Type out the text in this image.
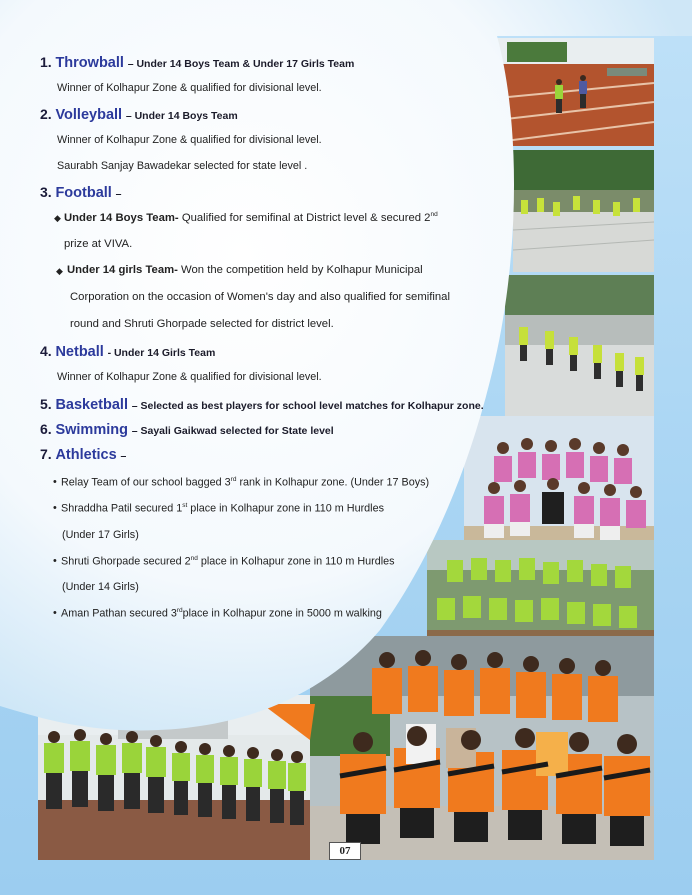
1. Throwball – Under 14 Boys Team & Under 17 Girls Team
Winner of Kolhapur Zone & qualified for divisional level.
2. Volleyball – Under 14 Boys Team
Winner of Kolhapur Zone & qualified for divisional level.
Saurabh Sanjay Bawadekar selected for state level .
3. Football –
◆ Under 14 Boys Team- Qualified for semifinal at District level & secured 2nd
prize at VIVA.
◆ Under 14 girls Team- Won the competition held by Kolhapur Municipal
Corporation on the occasion of Women's day and also qualified for semifinal
round and Shruti Ghorpade selected for district level.
4. Netball - Under 14 Girls Team
Winner of Kolhapur Zone & qualified for divisional level.
5. Basketball – Selected as best players for school level matches for Kolhapur zone.
6. Swimming – Sayali Gaikwad selected for State level
7. Athletics –
• Relay Team of our school bagged 3rd rank in Kolhapur zone. (Under 17 Boys)
• Shraddha Patil secured 1st place in Kolhapur zone in 110 m Hurdles
(Under 17 Girls)
• Shruti Ghorpade secured 2nd place in Kolhapur zone in 110 m Hurdles
(Under 14 Girls)
• Aman Pathan secured 3rdplace in Kolhapur zone in 5000 m walking
07
